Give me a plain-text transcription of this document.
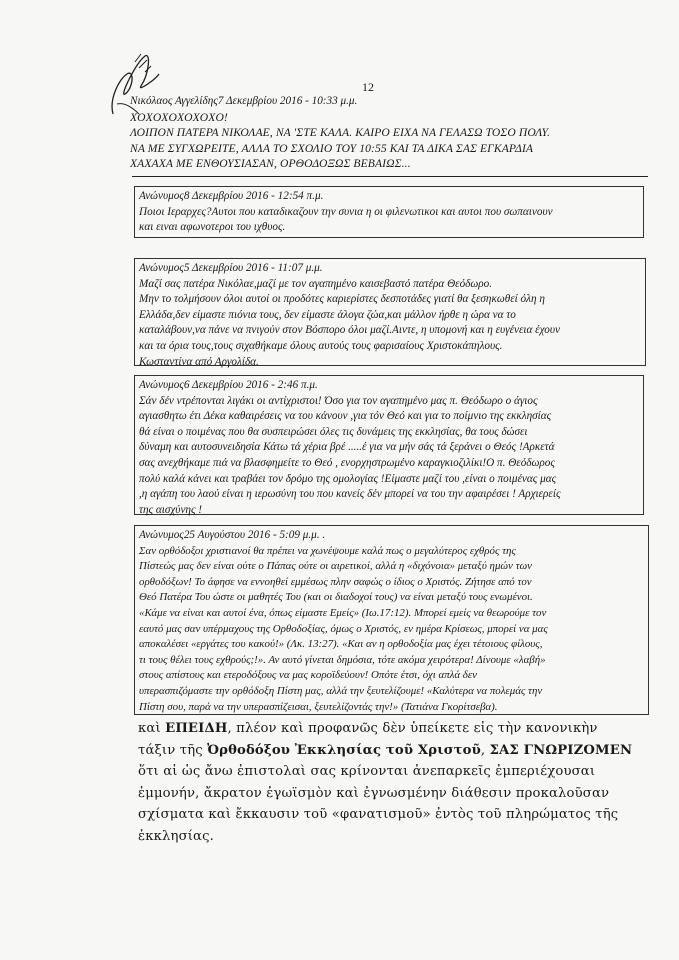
12
Νικόλαος Αγγελίδης7 Δεκεμβρίου 2016 - 10:33 μ.μ.
ΧΟΧΟΧΟΧΟΧΟΧΟ!
ΛΟΙΠΟΝ ΠΑΤΕΡΑ ΝΙΚΟΛΑΕ, ΝΑ 'ΣΤΕ ΚΑΛΑ. ΚΑΙΡΟ ΕΙΧΑ ΝΑ ΓΕΛΑΣΩ ΤΟΣΟ ΠΟΛΥ.
ΝΑ ΜΕ ΣΥΓΧΩΡΕΙΤΕ, ΑΛΛΑ ΤΟ ΣΧΟΛΙΟ ΤΟΥ 10:55 ΚΑΙ ΤΑ ΔΙΚΑ ΣΑΣ ΕΓΚΑΡΔΙΑ
ΧΑΧΑΧΑ ΜΕ ΕΝΘΟΥΣΙΑΣΑΝ, ΟΡΘΟΔΟΞΩΣ ΒΕΒΑΙΩΣ...
Ανώνυμος8 Δεκεμβρίου 2016 - 12:54 π.μ.
Ποιοι Ιεραρχες?Αυτοι που καταδικαζουν την συνια η οι φιλενωτικοι και αυτοι που σωπαινουν
και ειναι αφωνοτεροι του ιχθυος.
Ανώνυμος5 Δεκεμβρίου 2016 - 11:07 μ.μ.
Μαζί σας πατέρα Νικόλαε,μαζί με τον αγαπημένο καισεβαστό πατέρα Θεόδωρο.
Μην το τολμήσουν όλοι αυτοί οι προδότες καριερίστες δεσποτάδες γιατί θα ξεσηκωθεί όλη η
Ελλάδα,δεν είμαστε πιόνια τους, δεν είμαστε άλογα ζώα,και μάλλον ήρθε η ώρα να το
καταλάβουν,να πάνε να πνιγούν στον Βόσπορο όλοι μαζί.Αιντε, η υπομονή και η ευγένεια έχουν
και τα όρια τους,τους σιχαθήκαμε όλους αυτούς τους φαρισαίους Χριστοκάπηλους.
Κωσταντίνα από Αργολίδα.
Ανώνυμος6 Δεκεμβρίου 2016 - 2:46 π.μ.
Σάν δέν ντρέπονται λιγάκι οι αντίχριστοι! Όσο για τον αγαπημένο μας π. Θεόδωρο ο άγιος
αγιασθητω έτι Δέκα καθαιρέσεις να του κάνουν ,για τόν Θεό και για το ποίμνιο της εκκλησίας
θά είναι ο ποιμένας που θα συσπειρώσει όλες τις δυνάμεις της εκκλησίας, θα τους δώσει
δύναμη και αυτοσυνειδησία Κάτω τά χέρια βρέ .....έ για να μήν σάς τά ξεράνει ο Θεός !Αρκετά
σας ανεχθήκαμε πιά να βλασφημείτε το Θεό , ενορχηστρωμένο καραγκιοζιλίκι!Ο π. Θεόδωρος
πολύ καλά κάνει και τραβάει τον δρόμο της ομολογίας !Είμαστε μαζί του ,είναι ο ποιμένας μας
,η αγάπη του λαού είναι η ιερωσύνη του που κανείς δέν μπορεί να του την αφαιρέσει ! Αρχιερείς
της αισχύνης !
Ανώνυμος25 Αυγούστου 2016 - 5:09 μ.μ. .
Σαν ορθόδοξοι χριστιανοί θα πρέπει να χωνέψουμε καλά πως ο μεγαλύτερος εχθρός της
Πίστεώς μας δεν είναι ούτε ο Πάπας ούτε οι αιρετικοί, αλλά η «διχόνοια» μεταξύ ημών των
ορθοδόξων! Το άφησε να εννοηθεί εμμέσως πλην σαφώς ο ίδιος ο Χριστός. Ζήτησε από τον
Θεό Πατέρα Του ώστε οι μαθητές Του (και οι διαδοχοί τους) να είναι μεταξύ τους ενωμένοι.
«Κάμε να είναι και αυτοί ένα, όπως είμαστε Εμείς» (Ιω.17:12). Μπορεί εμείς να θεωρούμε τον
εαυτό μας σαν υπέρμαχους της Ορθοδοξίας, όμως ο Χριστός, εν ημέρα Κρίσεως, μπορεί να μας
αποκαλέσει «εργάτες του κακού!» (Λκ. 13:27). «Και αν η ορθοδοξία μας έχει τέτοιους φίλους,
τι τους θέλει τους εχθρούς;!». Αν αυτό γίνεται δημόσια, τότε ακόμα χειρότερα! Δίνουμε «λαβή»
στους απίστους και ετεροδόξους να μας κοροϊδεύουν! Οπότε έτσι, όχι απλά δεν
υπερασπιζόμαστε την ορθόδοξη Πίστη μας, αλλά την ξευτελίζουμε! «Καλύτερα να πολεμάς την
Πίστη σου, παρά να την υπερασπίζεισαι, ξευτελίζοντάς την!» (Τατιάνα Γκορίτσεβα).
καὶ ΕΠΕΙΔΗ, πλέον καὶ προφανῶς δὲν ὑπείκετε εἰς τὴν κανονικὴν
τάξιν τῆς Ὀρθοδόξου Ἐκκλησίας τοῦ Χριστοῦ, ΣΑΣ ΓΝΩΡΙΖΟΜΕΝ
ὅτι αἱ ὡς ἄνω ἐπιστολαὶ σας κρίνονται ἀνεπαρκεῖς ἐμπεριέχουσαι
ἐμμονήν, ἄκρατον ἐγωϊσμὸν καὶ ἐγνωσμένην διάθεσιν προκαλοῦσαν
σχίσματα καὶ ἔκκαυσιν τοῦ «φανατισμοῦ» ἐντὸς τοῦ πληρώματος τῆς
ἐκκλησίας.
